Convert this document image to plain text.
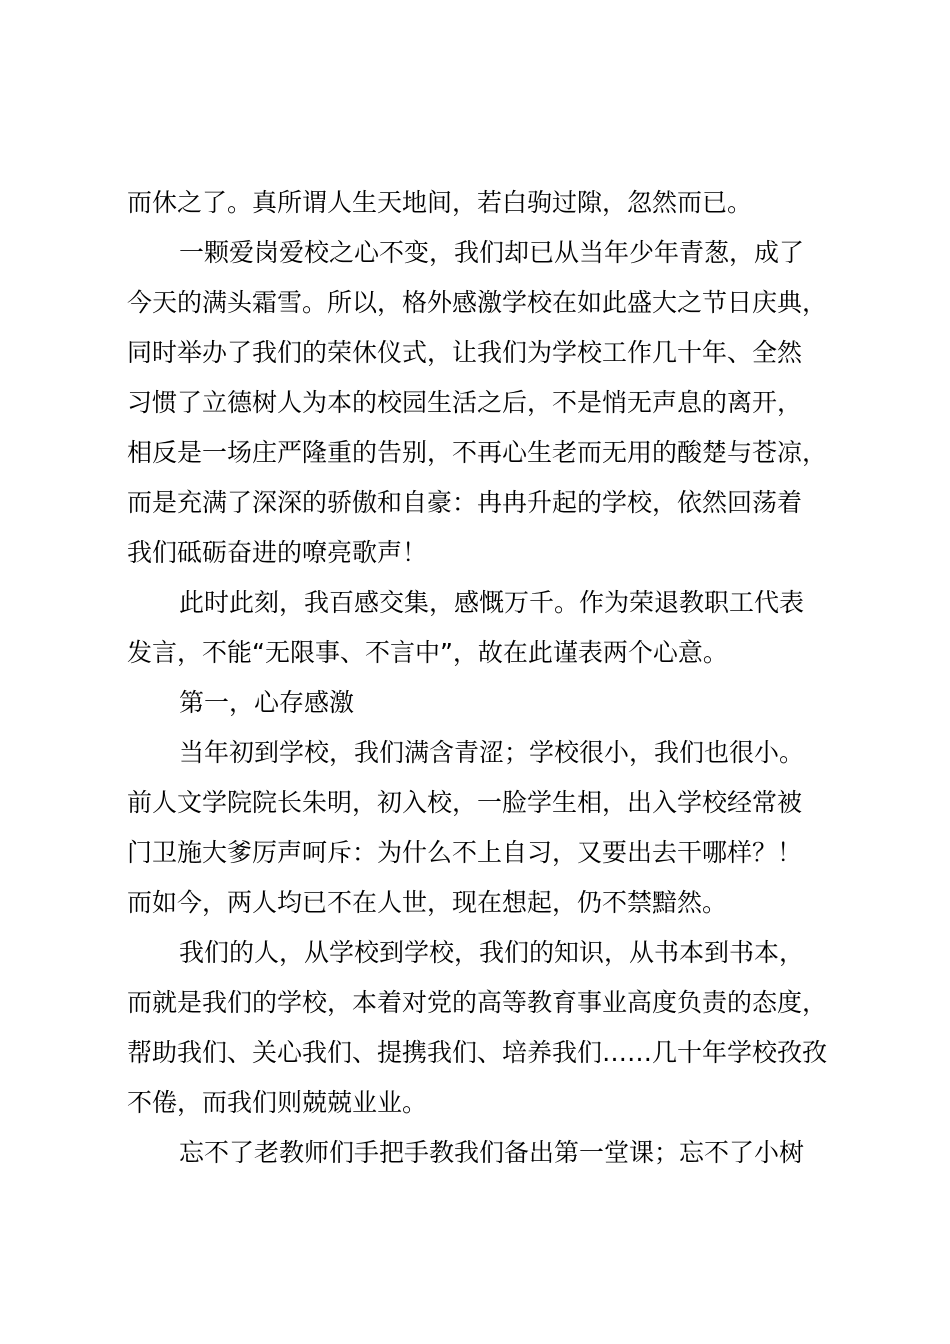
而休之了。真所谓人生天地间，若白驹过隙，忽然而已。
一颗爱岗爱校之心不变，我们却已从当年少年青葱，成了
今天的满头霜雪。所以，格外感激学校在如此盛大之节日庆典，
同时举办了我们的荣休仪式，让我们为学校工作几十年、全然
习惯了立德树人为本的校园生活之后，不是悄无声息的离开，
相反是一场庄严隆重的告别，不再心生老而无用的酸楚与苍凉，
而是充满了深深的骄傲和自豪：冉冉升起的学校，依然回荡着
我们砥砺奋进的嘹亮歌声！
此时此刻，我百感交集，感慨万千。作为荣退教职工代表
发言，不能“无限事、不言中”，故在此谨表两个心意。
第一，心存感激
当年初到学校，我们满含青涩；学校很小，我们也很小。
前人文学院院长朱明，初入校，一脸学生相，出入学校经常被
门卫施大爹厉声呵斥：为什么不上自习，又要出去干哪样？！
而如今，两人均已不在人世，现在想起，仍不禁黯然。
我们的人，从学校到学校，我们的知识，从书本到书本，
而就是我们的学校，本着对党的高等教育事业高度负责的态度，
帮助我们、关心我们、提携我们、培养我们……几十年学校孜孜
不倦，而我们则兢兢业业。
忘不了老教师们手把手教我们备出第一堂课；忘不了小树
